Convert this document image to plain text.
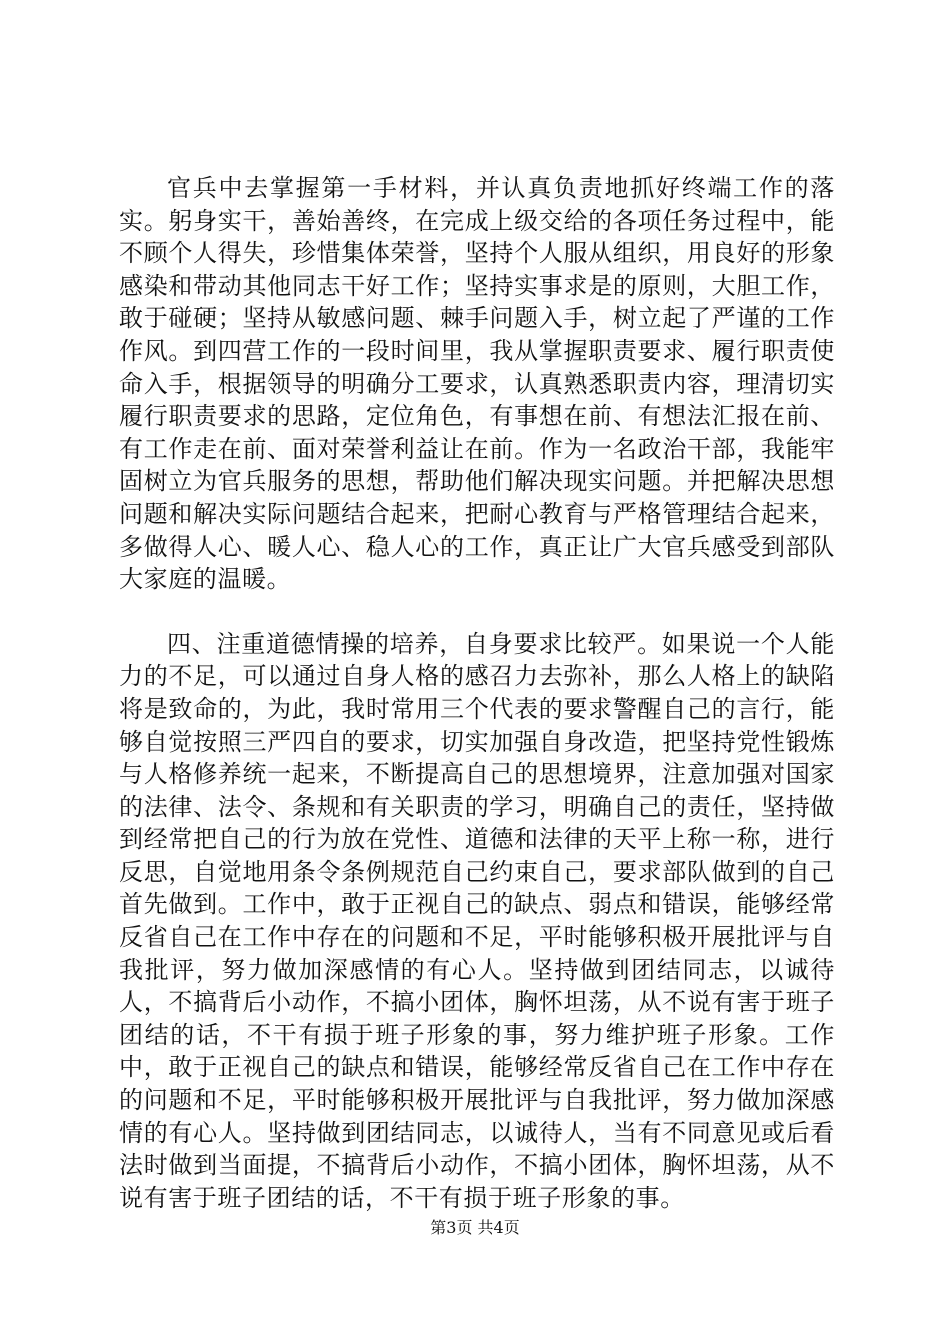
官兵中去掌握第一手材料，并认真负责地抓好终端工作的落实。躬身实干，善始善终，在完成上级交给的各项任务过程中，能不顾个人得失，珍惜集体荣誉，坚持个人服从组织，用良好的形象感染和带动其他同志干好工作；坚持实事求是的原则，大胆工作，敢于碰硬；坚持从敏感问题、棘手问题入手，树立起了严谨的工作作风。到四营工作的一段时间里，我从掌握职责要求、履行职责使命入手，根据领导的明确分工要求，认真熟悉职责内容，理清切实履行职责要求的思路，定位角色，有事想在前、有想法汇报在前、有工作走在前、面对荣誉利益让在前。作为一名政治干部，我能牢固树立为官兵服务的思想，帮助他们解决现实问题。并把解决思想问题和解决实际问题结合起来，把耐心教育与严格管理结合起来，多做得人心、暖人心、稳人心的工作，真正让广大官兵感受到部队大家庭的温暖。

四、注重道德情操的培养，自身要求比较严。如果说一个人能力的不足，可以通过自身人格的感召力去弥补，那么人格上的缺陷将是致命的，为此，我时常用三个代表的要求警醒自己的言行，能够自觉按照三严四自的要求，切实加强自身改造，把坚持党性锻炼与人格修养统一起来，不断提高自己的思想境界，注意加强对国家的法律、法令、条规和有关职责的学习，明确自己的责任，坚持做到经常把自己的行为放在党性、道德和法律的天平上称一称，进行反思，自觉地用条令条例规范自己约束自己，要求部队做到的自己首先做到。工作中，敢于正视自己的缺点、弱点和错误，能够经常反省自己在工作中存在的问题和不足，平时能够积极开展批评与自我批评，努力做加深感情的有心人。坚持做到团结同志，以诚待人，不搞背后小动作，不搞小团体，胸怀坦荡，从不说有害于班子团结的话，不干有损于班子形象的事，努力维护班子形象。工作中，敢于正视自己的缺点和错误，能够经常反省自己在工作中存在的问题和不足，平时能够积极开展批评与自我批评，努力做加深感情的有心人。坚持做到团结同志，以诚待人，当有不同意见或后看法时做到当面提，不搞背后小动作，不搞小团体，胸怀坦荡，从不说有害于班子团结的话，不干有损于班子形象的事。

第3页 共4页
